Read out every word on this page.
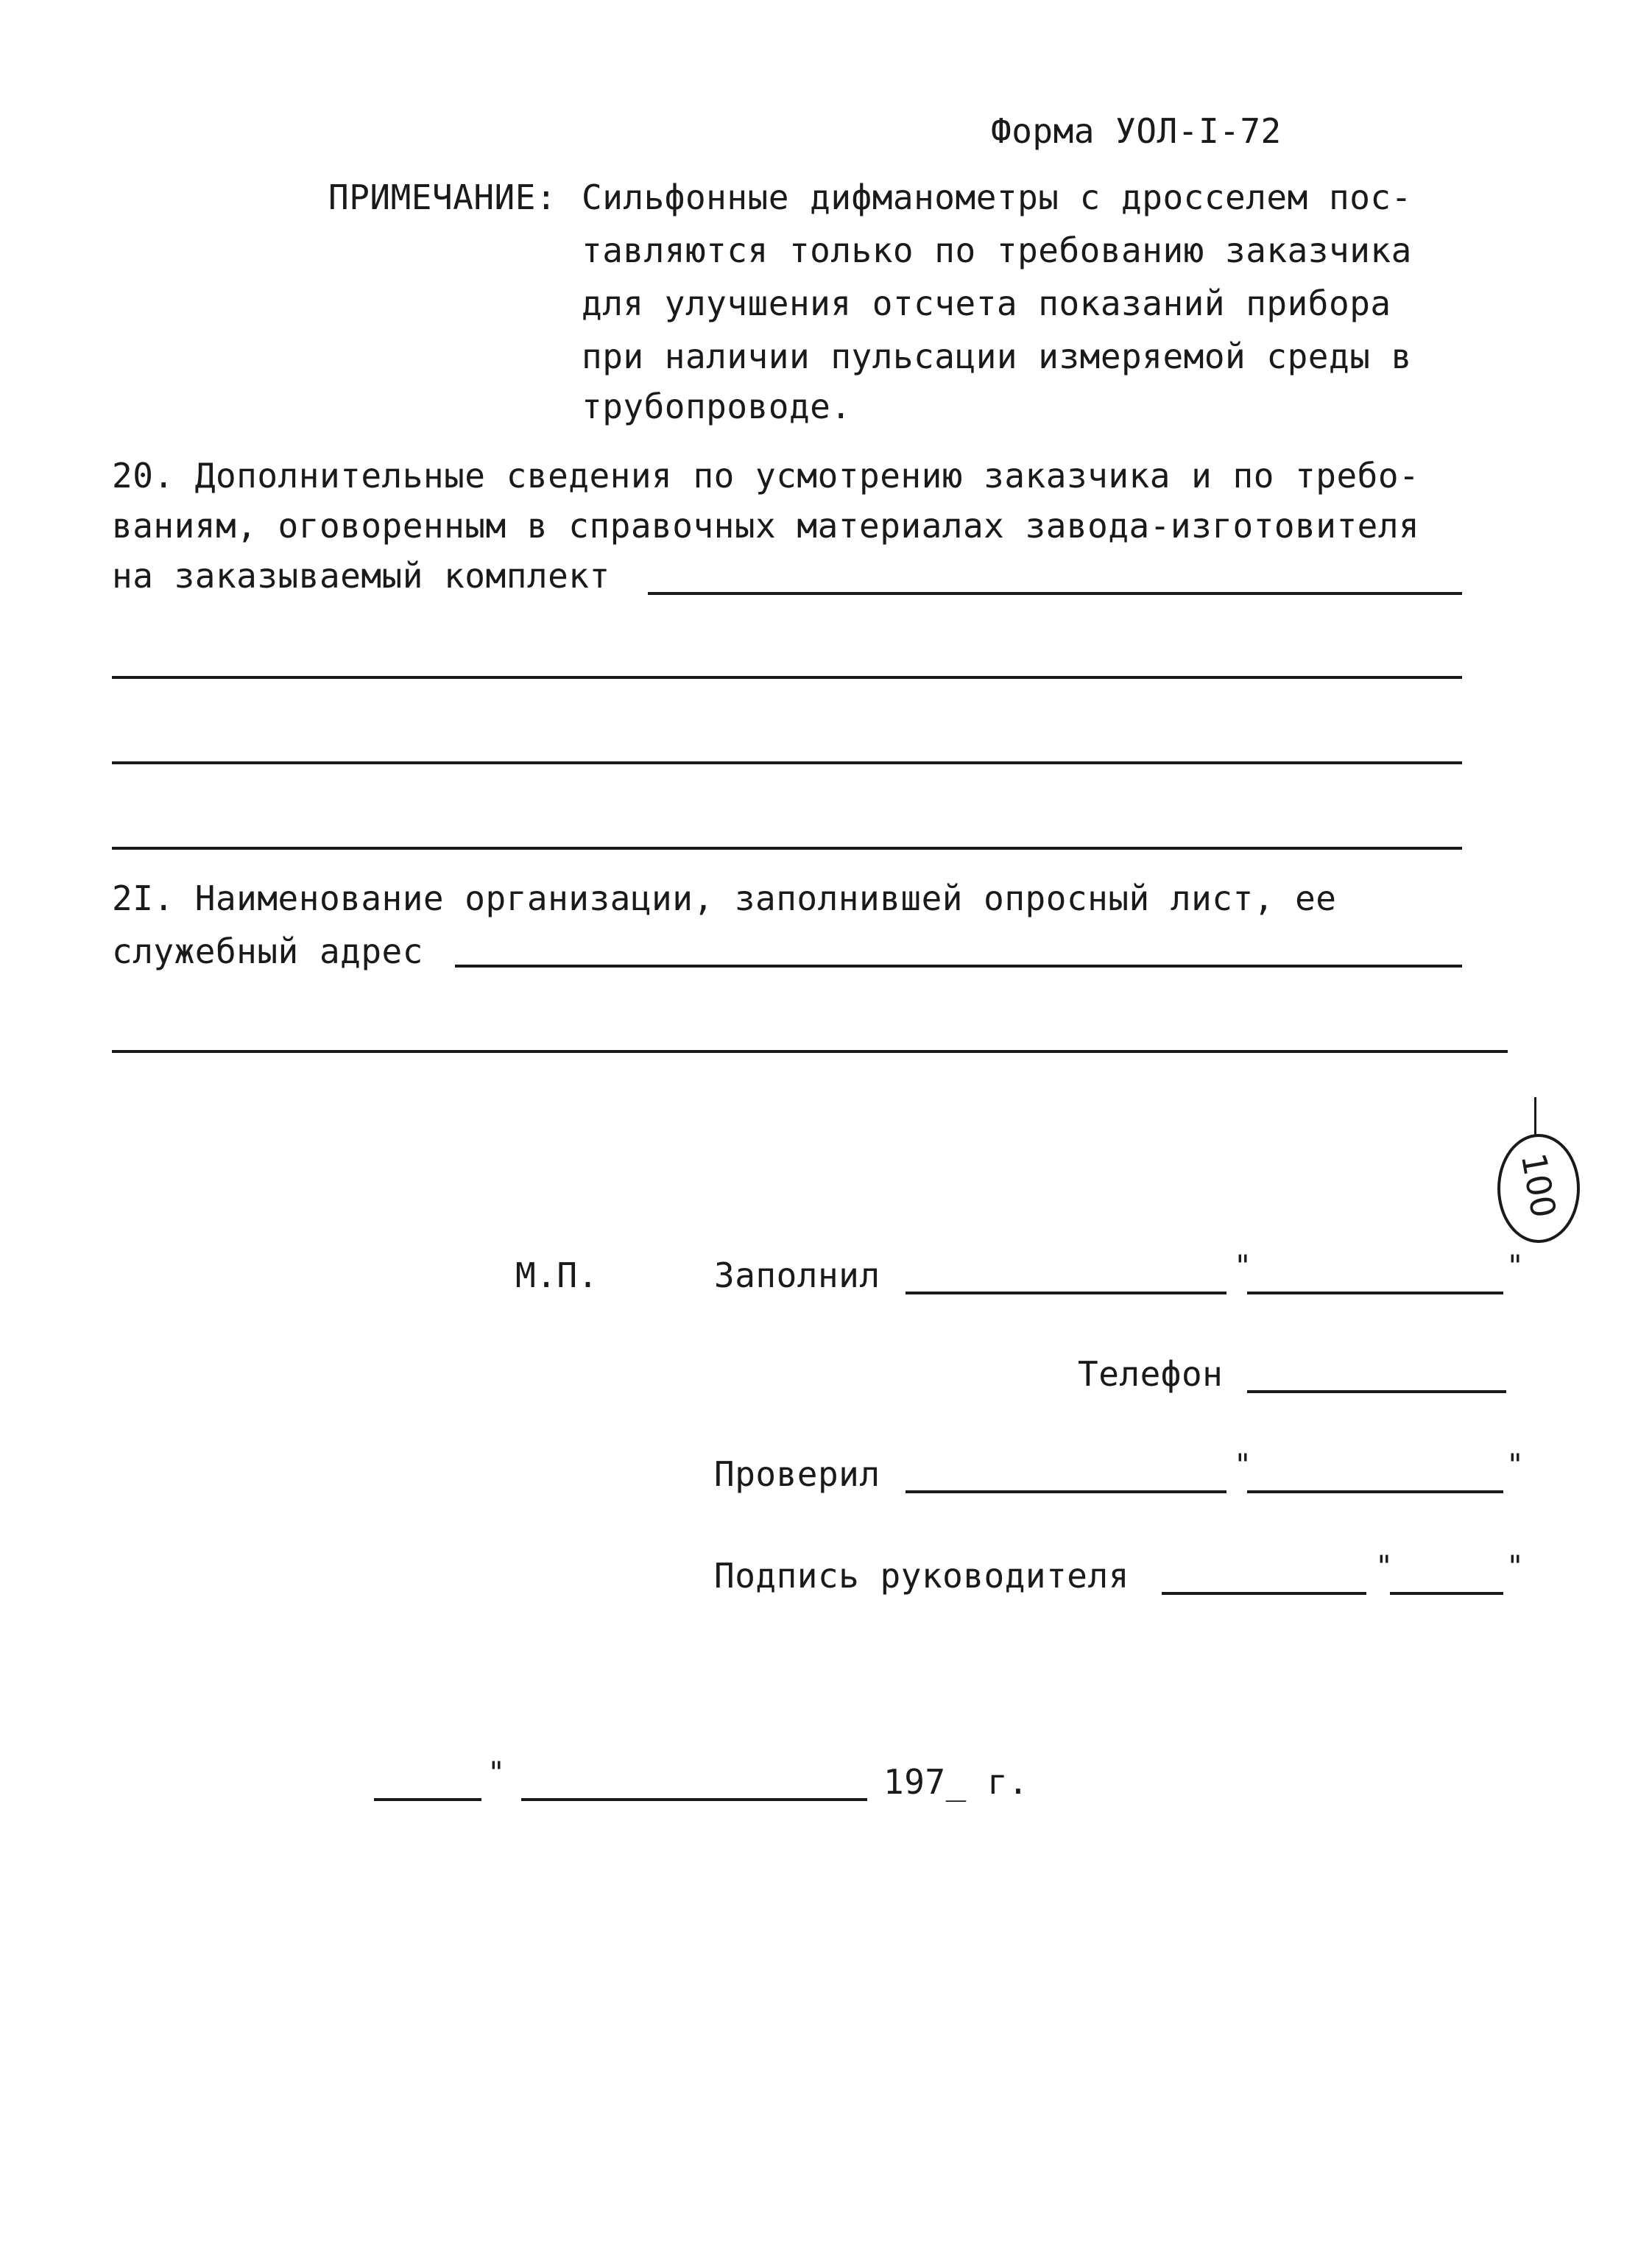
Форма УОЛ-I-72
ПРИМЕЧАНИЕ: Сильфонные дифманометры с дросселем пос-
тавляются только по требованию заказчика
для улучшения отсчета показаний прибора
при наличии пульсации измеряемой среды в
трубопроводе.
20. Дополнительные сведения по усмотрению заказчика и по требо-
ваниям, оговоренным в справочных материалах завода-изготовителя
на заказываемый комплект
2I. Наименование организации, заполнившей опросный лист, ее
служебный адрес
100
М.П.	Заполнил	"	"
Телефон
Проверил	"	"
Подпись руководителя	"	"
"	197_ г.
